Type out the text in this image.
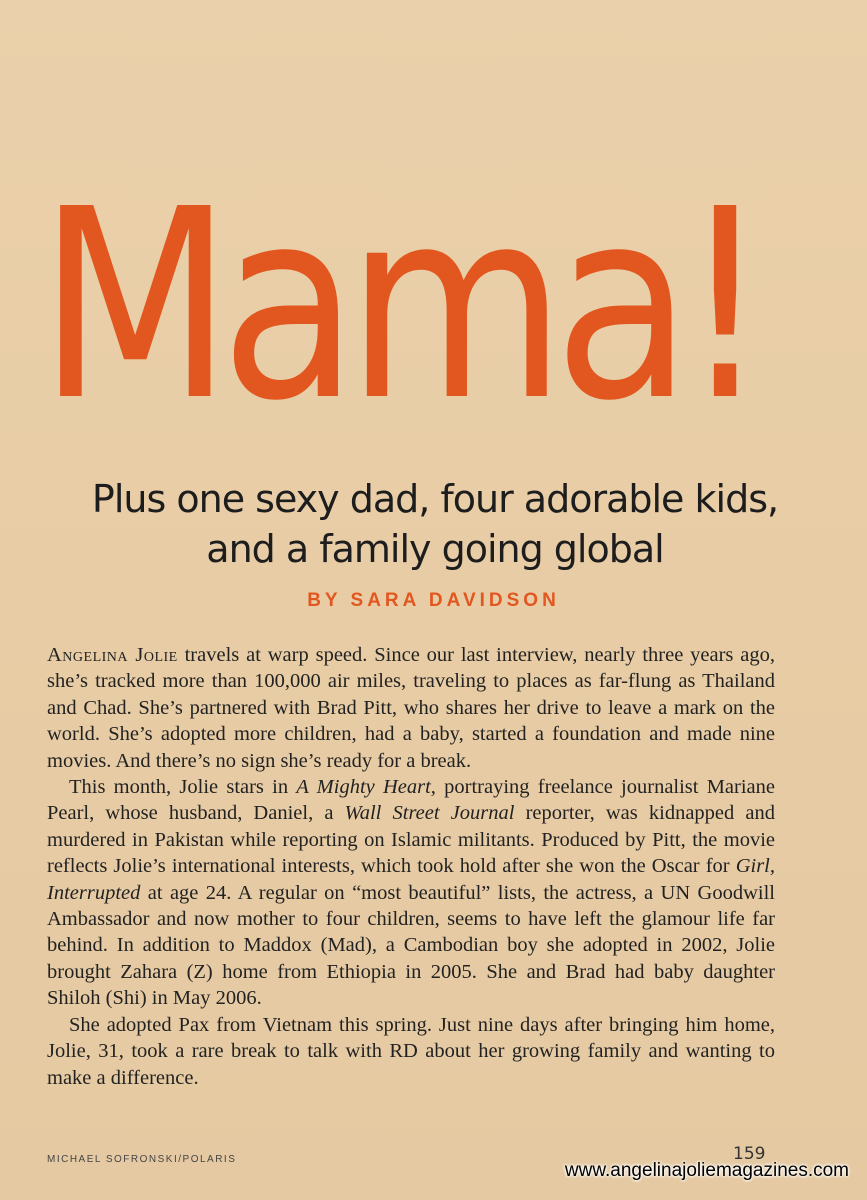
Mama!
Plus one sexy dad, four adorable kids,
and a family going global
BY SARA DAVIDSON

Angelina Jolie travels at warp speed. Since our last interview, nearly three years ago, she’s tracked more than 100,000 air miles, traveling to places as far-flung as Thailand and Chad. She’s partnered with Brad Pitt, who shares her drive to leave a mark on the world. She’s adopted more children, had a baby, started a foundation and made nine movies. And there’s no sign she’s ready for a break.

This month, Jolie stars in A Mighty Heart, portraying freelance journalist Mariane Pearl, whose husband, Daniel, a Wall Street Journal reporter, was kidnapped and murdered in Pakistan while reporting on Islamic militants. Produced by Pitt, the movie reflects Jolie’s international interests, which took hold after she won the Oscar for Girl, Interrupted at age 24. A regular on “most beautiful” lists, the actress, a UN Goodwill Ambassador and now mother to four children, seems to have left the glamour life far behind. In addition to Maddox (Mad), a Cambodian boy she adopted in 2002, Jolie brought Zahara (Z) home from Ethiopia in 2005. She and Brad had baby daughter Shiloh (Shi) in May 2006.

She adopted Pax from Vietnam this spring. Just nine days after bringing him home, Jolie, 31, took a rare break to talk with RD about her growing family and wanting to make a difference.

MICHAEL SOFRONSKI/POLARIS	159
www.angelinajoliemagazines.com
